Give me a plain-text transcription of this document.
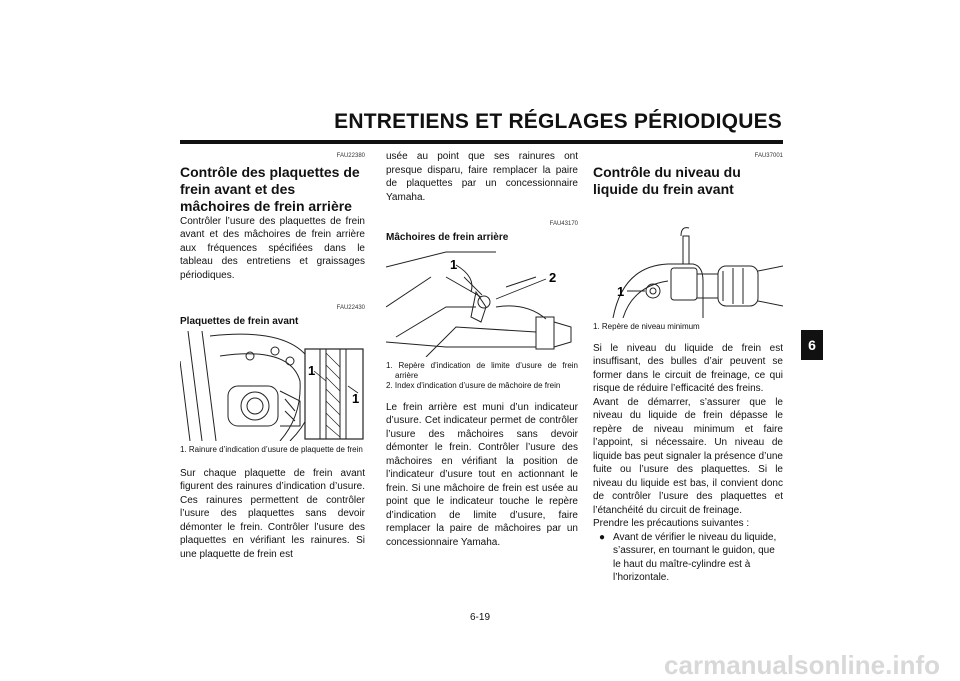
ENTRETIENS ET RÉGLAGES PÉRIODIQUES
6

FAU22380

Contrôle des plaquettes de frein avant et des mâchoires de frein arrière

Contrôler l’usure des plaquettes de frein avant et des mâchoires de frein arrière aux fréquences spécifiées dans le tableau des entretiens et graissages périodiques.

FAU22430

Plaquettes de frein avant
1
1

1. Rainure d’indication d’usure de plaquette de frein

Sur chaque plaquette de frein avant figurent des rainures d’indication d’usure. Ces rainures permettent de contrôler l’usure des plaquettes sans devoir démonter le frein. Contrôler l’usure des plaquettes en vérifiant les rainures. Si une plaquette de frein est

usée au point que ses rainures ont presque disparu, faire remplacer la paire de plaquettes par un concessionnaire Yamaha.

FAU43170

Mâchoires de frein arrière
1
2

1. Repère d’indication de limite d’usure de frein arrière

2. Index d’indication d’usure de mâchoire de frein

Le frein arrière est muni d’un indicateur d’usure. Cet indicateur permet de contrôler l’usure des mâchoires sans devoir démonter le frein. Contrôler l’usure des mâchoires en vérifiant la position de l’indicateur d’usure tout en actionnant le frein. Si une mâchoire de frein est usée au point que le indicateur touche le repère d’indication de limite d’usure, faire remplacer la paire de mâchoires par un concessionnaire Yamaha.

FAU37001

Contrôle du niveau du liquide du frein avant
1

1. Repère de niveau minimum

Si le niveau du liquide de frein est insuffisant, des bulles d’air peuvent se former dans le circuit de freinage, ce qui risque de réduire l’efficacité des freins.
Avant de démarrer, s’assurer que le niveau du liquide de frein dépasse le repère de niveau minimum et faire l’appoint, si nécessaire. Un niveau de liquide bas peut signaler la présence d’une fuite ou l’usure des plaquettes. Si le niveau du liquide est bas, il convient donc de contrôler l’usure des plaquettes et l’étanchéité du circuit de freinage.
Prendre les précautions suivantes :

● Avant de vérifier le niveau du liquide, s’assurer, en tournant le guidon, que le haut du maître-cylindre est à l’horizontale.
6-19
carmanualsonline.info
